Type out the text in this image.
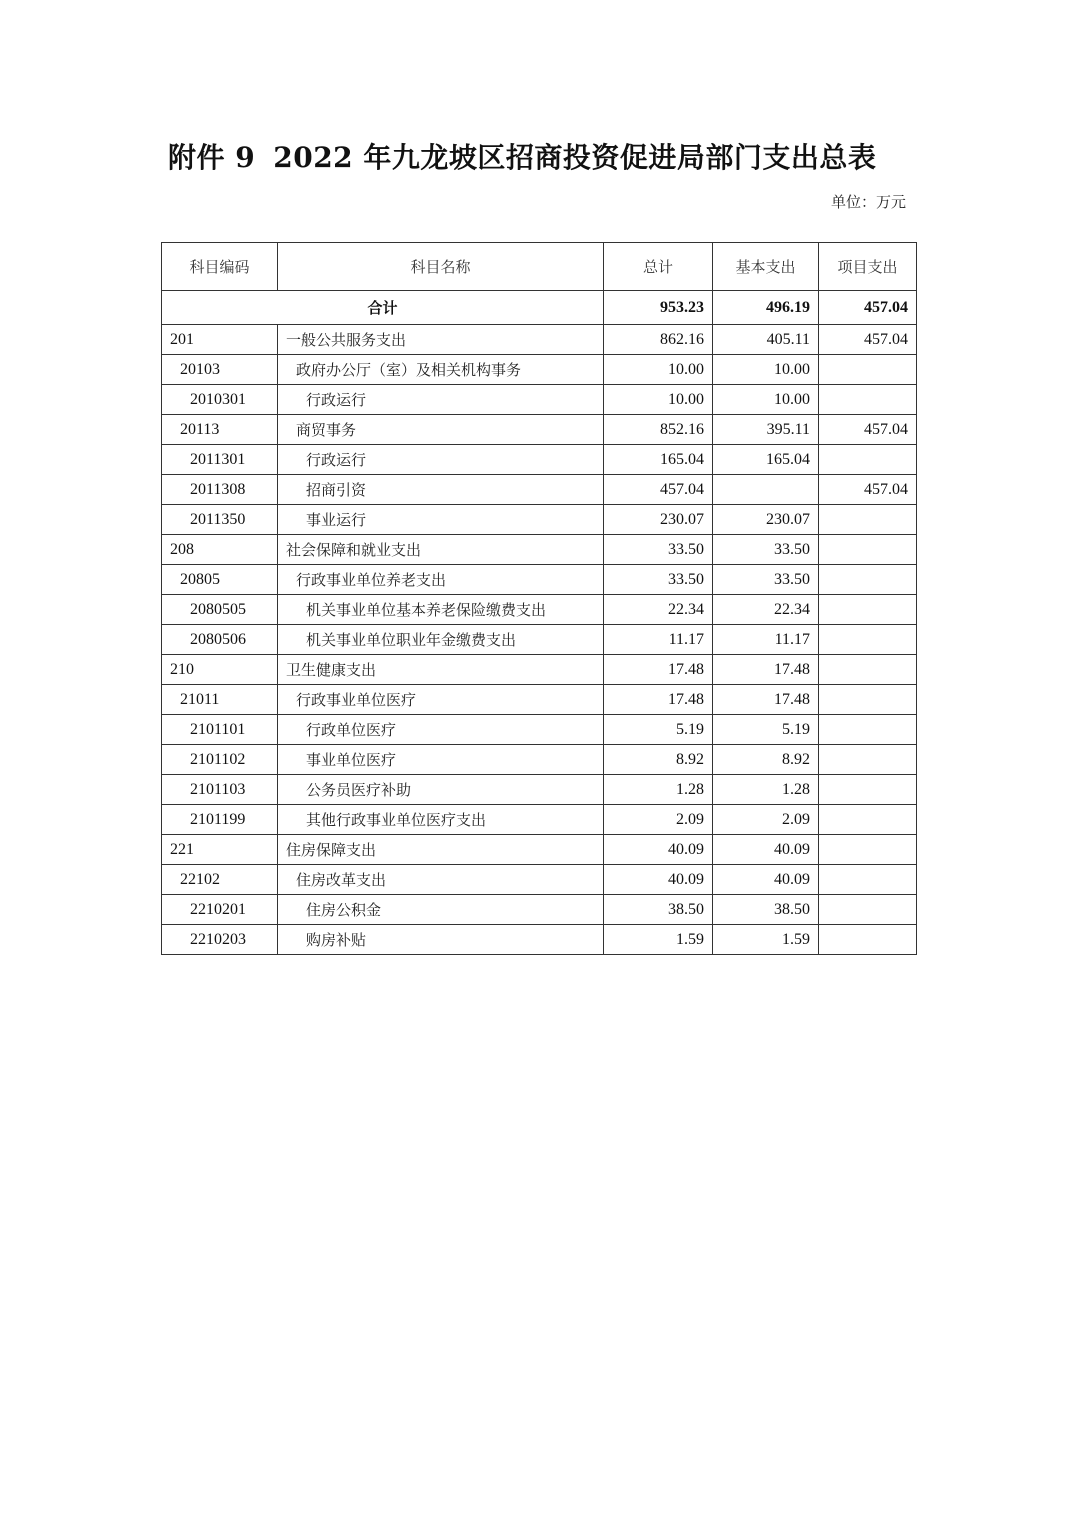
附件 9 2022 年九龙坡区招商投资促进局部门支出总表
单位：万元
科目编码	科目名称	总计	基本支出	项目支出
合计		953.23	496.19	457.04
201	一般公共服务支出	862.16	405.11	457.04
20103	政府办公厅（室）及相关机构事务	10.00	10.00	
2010301	行政运行	10.00	10.00	
20113	商贸事务	852.16	395.11	457.04
2011301	行政运行	165.04	165.04	
2011308	招商引资	457.04		457.04
2011350	事业运行	230.07	230.07	
208	社会保障和就业支出	33.50	33.50	
20805	行政事业单位养老支出	33.50	33.50	
2080505	机关事业单位基本养老保险缴费支出	22.34	22.34	
2080506	机关事业单位职业年金缴费支出	11.17	11.17	
210	卫生健康支出	17.48	17.48	
21011	行政事业单位医疗	17.48	17.48	
2101101	行政单位医疗	5.19	5.19	
2101102	事业单位医疗	8.92	8.92	
2101103	公务员医疗补助	1.28	1.28	
2101199	其他行政事业单位医疗支出	2.09	2.09	
221	住房保障支出	40.09	40.09	
22102	住房改革支出	40.09	40.09	
2210201	住房公积金	38.50	38.50	
2210203	购房补贴	1.59	1.59	
